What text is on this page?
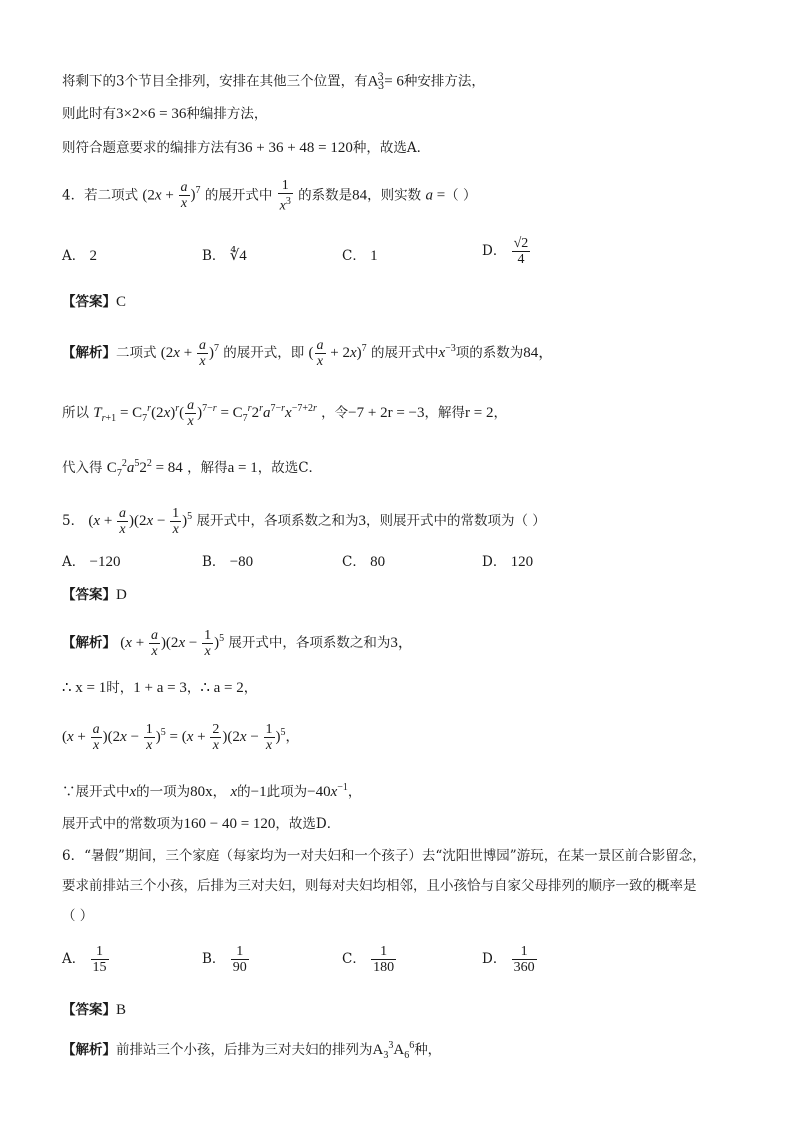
将剩下的3个节目全排列，安排在其他三个位置，有$A^3_3= 6$种安排方法，
则此时有3×2×6 = 36种编排方法，
则符合题意要求的编排方法有36 + 36 + 48 = 120种，故选A．
4．若二项式 $(2x + \frac{a}{x} )^7$ 的展开式中 $\frac{1}{x^3}$ 的系数是84，则实数 a =（ ）
A． 2	B． ∜4	C． 1	D． $\frac{√2}{4}$
【答案】C
【解析】二项式 $(2x + \frac{a}{x} )^7$ 的展开式，即 ( $\frac{a}{x} + 2x)^7$ 的展开式中$x^{-3}$项的系数为84，
所以 $T_{r+1} = C_7^r(2x)^r( \frac{a}{x} )^{7-r} = C_7^r2^ra^{7-r}x^{-7+2r}$ ，令−7 + 2r = −3，解得r = 2，
代入得 $C_7^2a^52^2 = 84$ ，解得a = 1，故选C．
5． $(x + \frac{a}{x} )(2x - \frac{1}{x} )^5$ 展开式中，各项系数之和为3，则展开式中的常数项为（ ）
A． −120	B． −80	C． 80	D． 120
【答案】D
【解析】 $(x + \frac{a}{x} )(2x - \frac{1}{x} )^5$ 展开式中，各项系数之和为3，
∴ x = 1时，1 + a = 3，∴ a = 2，
$(x + \frac{a}{x} )(2x - \frac{1}{x} )^5 = (x + \frac{2}{x} )(2x - \frac{1}{x} )^5$，
∵展开式中x的一项为80x， x的−1此项为$-40x^{-1}$，
展开式中的常数项为160 − 40 = 120，故选D．
6．“暑假”期间，三个家庭（每家均为一对夫妇和一个孩子）去“沈阳世博园”游玩，在某一景区前合影留念，
要求前排站三个小孩，后排为三对夫妇，则每对夫妇均相邻，且小孩恰与自家父母排列的顺序一致的概率是
（ ）
A． $\frac{1}{15}$	B． $\frac{1}{90}$	C． $\frac{1}{180}$	D． $\frac{1}{360}$
【答案】B
【解析】前排站三个小孩，后排为三对夫妇的排列为$A_3^3A_6^6$种，
